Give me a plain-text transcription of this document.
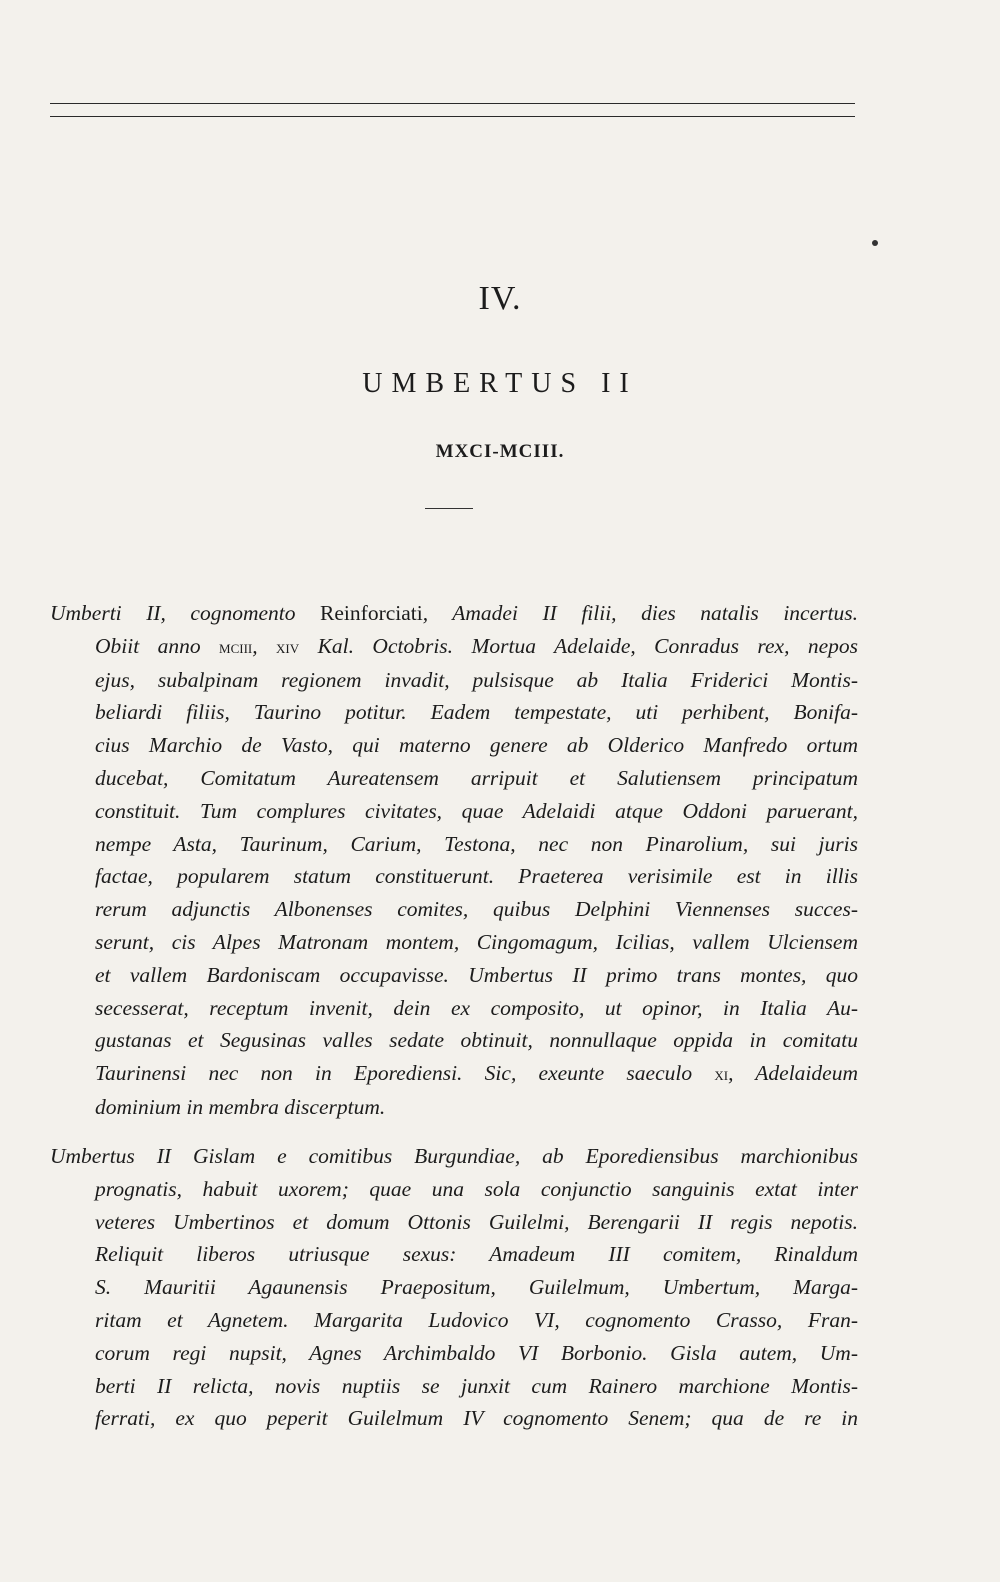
IV.
UMBERTUS II
MXCI-MCIII.

Umberti II, cognomento Reinforciati, Amadei II filii, dies natalis incertus.
Obiit anno mciii, xiv Kal. Octobris. Mortua Adelaide, Conradus rex, nepos
ejus, subalpinam regionem invadit, pulsisque ab Italia Friderici Montis-
beliardi filiis, Taurino potitur. Eadem tempestate, uti perhibent, Bonifa-
cius Marchio de Vasto, qui materno genere ab Olderico Manfredo ortum
ducebat, Comitatum Aureatensem arripuit et Salutiensem principatum
constituit. Tum complures civitates, quae Adelaidi atque Oddoni paruerant,
nempe Asta, Taurinum, Carium, Testona, nec non Pinarolium, sui juris
factae, popularem statum constituerunt. Praeterea verisimile est in illis
rerum adjunctis Albonenses comites, quibus Delphini Viennenses succes-
serunt, cis Alpes Matronam montem, Cingomagum, Icilias, vallem Ulciensem
et vallem Bardoniscam occupavisse. Umbertus II primo trans montes, quo
secesserat, receptum invenit, dein ex composito, ut opinor, in Italia Au-
gustanas et Segusinas valles sedate obtinuit, nonnullaque oppida in comitatu
Taurinensi nec non in Eporediensi. Sic, exeunte saeculo xi, Adelaideum
dominium in membra discerptum.

Umbertus II Gislam e comitibus Burgundiae, ab Eporediensibus marchionibus
prognatis, habuit uxorem; quae una sola conjunctio sanguinis extat inter
veteres Umbertinos et domum Ottonis Guilelmi, Berengarii II regis nepotis.
Reliquit liberos utriusque sexus: Amadeum III comitem, Rinaldum
S. Mauritii Agaunensis Praepositum, Guilelmum, Umbertum, Marga-
ritam et Agnetem. Margarita Ludovico VI, cognomento Crasso, Fran-
corum regi nupsit, Agnes Archimbaldo VI Borbonio. Gisla autem, Um-
berti II relicta, novis nuptiis se junxit cum Rainero marchione Montis-
ferrati, ex quo peperit Guilelmum IV cognomento Senem; qua de re in
